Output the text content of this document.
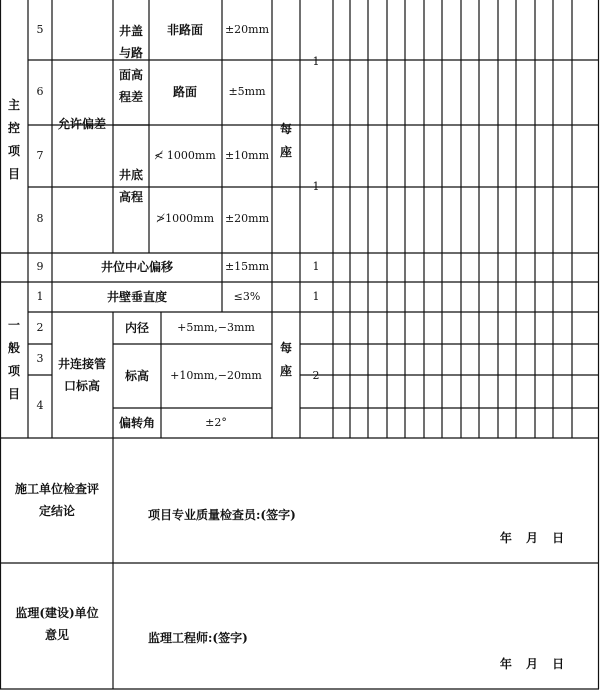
主控项目
一般项目
5
6
7
8
9
1
2
3
4
允许偏差
井盖与路面高程差
井底高程
非路面
路面
≮ 1000mm
≯1000mm
井位中心偏移
井壁垂直度
井连接管口标高
内径
标高
偏转角
±20mm
±5mm
±10mm
±20mm
±15mm
≤3%
+5mm,−3mm
+10mm,−20mm
±2°
每座
每座
1
1
1
1
2
施工单位检查评定结论	项目专业质量检查员:(签字)
年 月 日
监理(建设)单位意见	监理工程师:(签字)
年 月 日
